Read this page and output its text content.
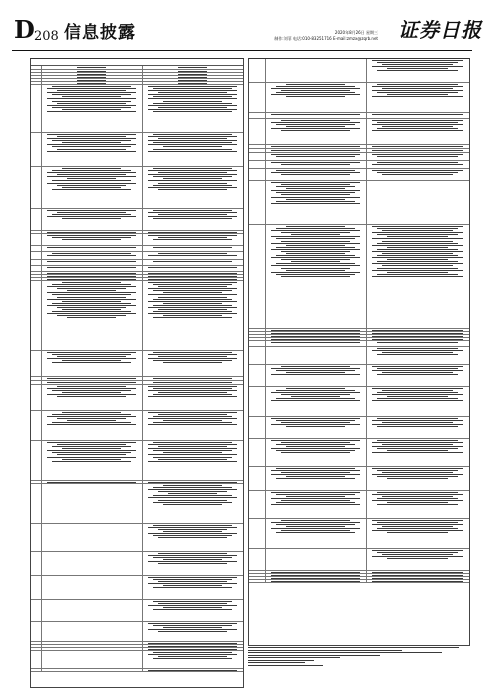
D 208 信息披露	2020年8月26日 星期三
制作:刘菲 电话:010-83251716 E-mail:zmzx@zqrb.net 证券日报
